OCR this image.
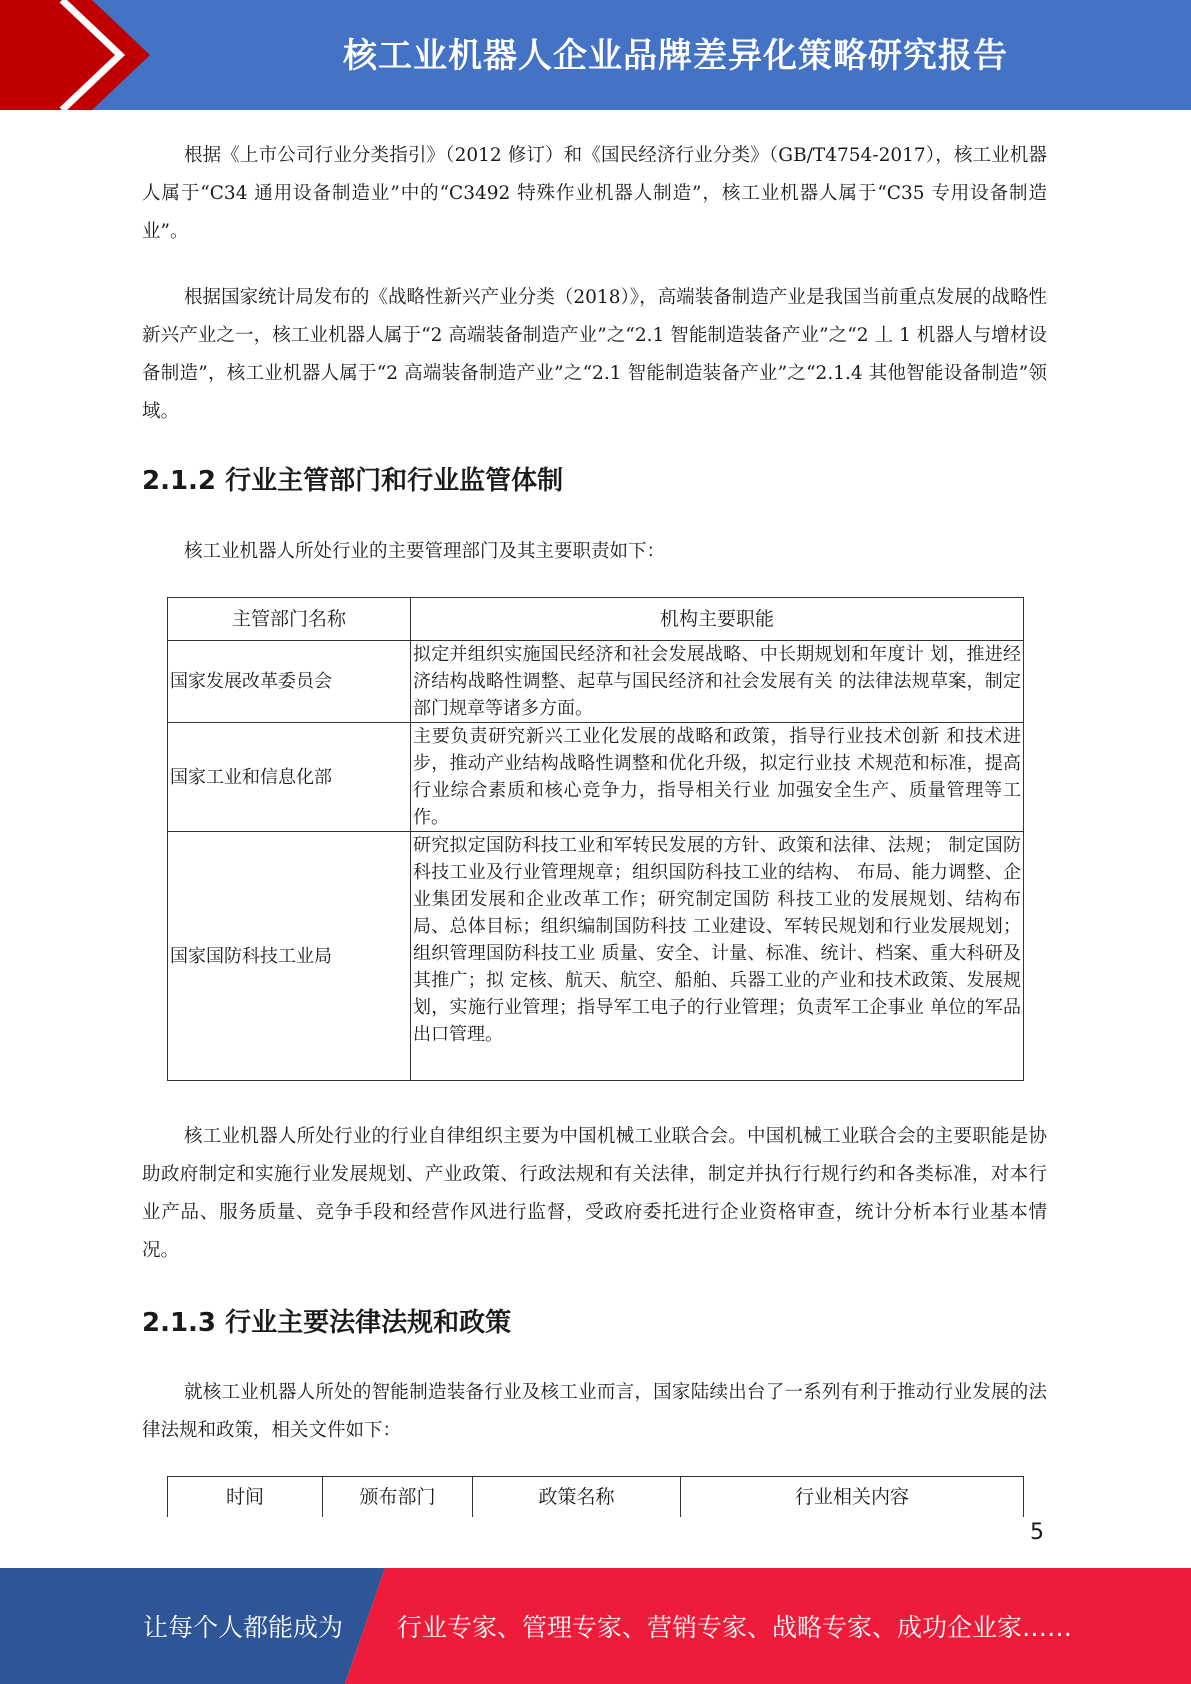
核工业机器人企业品牌差异化策略研究报告

根据《上市公司行业分类指引》（2012 修订）和《国民经济行业分类》（GB/T4754-2017），核工业机器人属于“C34 通用设备制造业”中的“C3492 特殊作业机器人制造”，核工业机器人属于“C35 专用设备制造业”。

根据国家统计局发布的《战略性新兴产业分类（2018）》，高端装备制造产业是我国当前重点发展的战略性新兴产业之一，核工业机器人属于“2 高端装备制造产业”之“2.1 智能制造装备产业”之“2 丄 1 机器人与增材设备制造”，核工业机器人属于“2 高端装备制造产业”之“2.1 智能制造装备产业”之“2.1.4 其他智能设备制造”领域。

2.1.2 行业主管部门和行业监管体制

核工业机器人所处行业的主要管理部门及其主要职责如下：

主管部门名称	机构主要职能
国家发展改革委员会	拟定并组织实施国民经济和社会发展战略、中长期规划和年度计 划，推进经济结构战略性调整、起草与国民经济和社会发展有关 的法律法规草案，制定部门规章等诸多方面。
国家工业和信息化部	主要负责研究新兴工业化发展的战略和政策，指导行业技术创新 和技术进步，推动产业结构战略性调整和优化升级，拟定行业技 术规范和标准，提高行业综合素质和核心竞争力，指导相关行业 加强安全生产、质量管理等工作。
国家国防科技工业局	研究拟定国防科技工业和军转民发展的方针、政策和法律、法规； 制定国防科技工业及行业管理规章；组织国防科技工业的结构、 布局、能力调整、企业集团发展和企业改革工作；研究制定国防 科技工业的发展规划、结构布局、总体目标；组织编制国防科技 工业建设、军转民规划和行业发展规划；组织管理国防科技工业 质量、安全、计量、标准、统计、档案、重大科研及其推广；拟 定核、航天、航空、船舶、兵器工业的产业和技术政策、发展规 划，实施行业管理；指导军工电子的行业管理；负责军工企事业 单位的军品出口管理。

核工业机器人所处行业的行业自律组织主要为中国机械工业联合会。中国机械工业联合会的主要职能是协助政府制定和实施行业发展规划、产业政策、行政法规和有关法律，制定并执行行规行约和各类标准，对本行业产品、服务质量、竞争手段和经营作风进行监督，受政府委托进行企业资格审查，统计分析本行业基本情况。

2.1.3 行业主要法律法规和政策

就核工业机器人所处的智能制造装备行业及核工业而言，国家陆续出台了一系列有利于推动行业发展的法律法规和政策，相关文件如下：

时间	颁布部门	政策名称	行业相关内容
5
让每个人都能成为 行业专家、管理专家、营销专家、战略专家、成功企业家……
